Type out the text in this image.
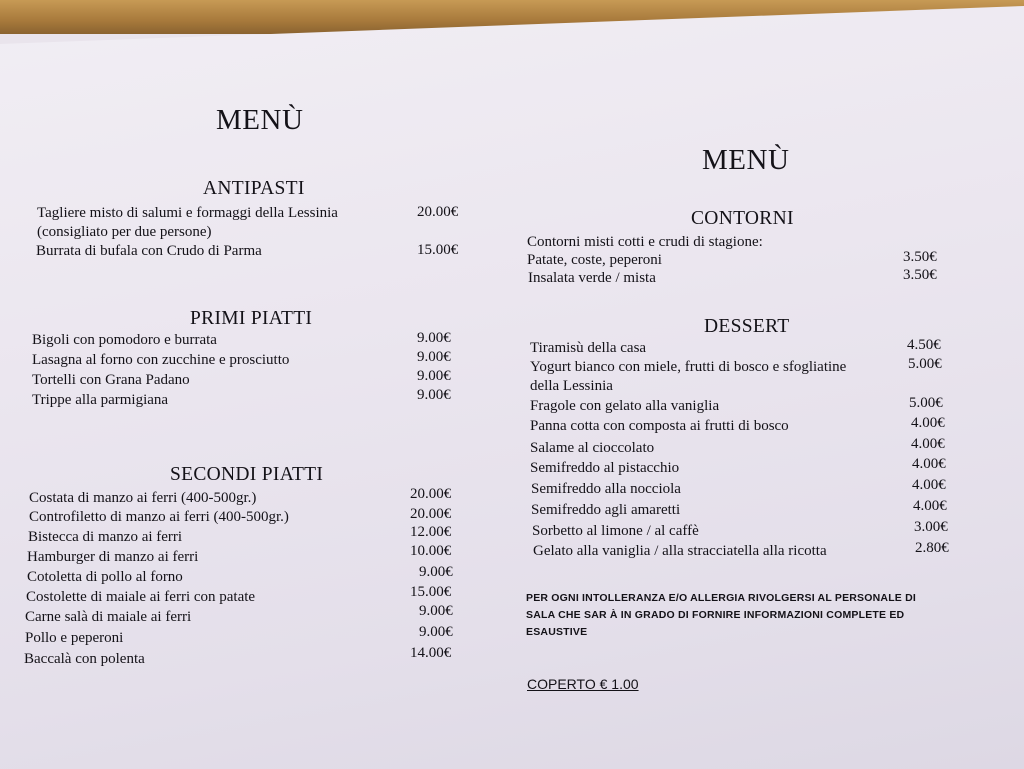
MENÙ
ANTIPASTI
Tagliere misto di salumi e formaggi della Lessinia	20.00€
(consigliato per due persone)
Burrata di bufala con Crudo di Parma	15.00€
PRIMI PIATTI
Bigoli con pomodoro e burrata	9.00€
Lasagna al forno con zucchine e prosciutto	9.00€
Tortelli con Grana Padano	9.00€
Trippe alla parmigiana	9.00€
SECONDI PIATTI
Costata di manzo ai ferri (400-500gr.)	20.00€
Controfiletto di manzo ai ferri (400-500gr.)	20.00€
Bistecca di manzo ai ferri	12.00€
Hamburger di manzo ai ferri	10.00€
Cotoletta di pollo al forno	9.00€
Costolette di maiale ai ferri con patate	15.00€
Carne salà di maiale ai ferri	9.00€
Pollo e peperoni	9.00€
Baccalà con polenta	14.00€
MENÙ
CONTORNI
Contorni misti cotti e crudi di stagione:
Patate, coste, peperoni	3.50€
Insalata verde / mista	3.50€
DESSERT
Tiramisù della casa	4.50€
Yogurt bianco con miele, frutti di bosco e sfogliatine	5.00€
della Lessinia
Fragole con gelato alla vaniglia	5.00€
Panna cotta con composta ai frutti di bosco	4.00€
Salame al cioccolato	4.00€
Semifreddo al pistacchio	4.00€
Semifreddo alla nocciola	4.00€
Semifreddo agli amaretti	4.00€
Sorbetto al limone / al caffè	3.00€
Gelato alla vaniglia / alla stracciatella alla ricotta	2.80€
PER OGNI INTOLLERANZA E/O ALLERGIA RIVOLGERSI AL PERSONALE DI
SALA CHE SAR À IN GRADO DI FORNIRE INFORMAZIONI COMPLETE ED
ESAUSTIVE
COPERTO € 1.00
